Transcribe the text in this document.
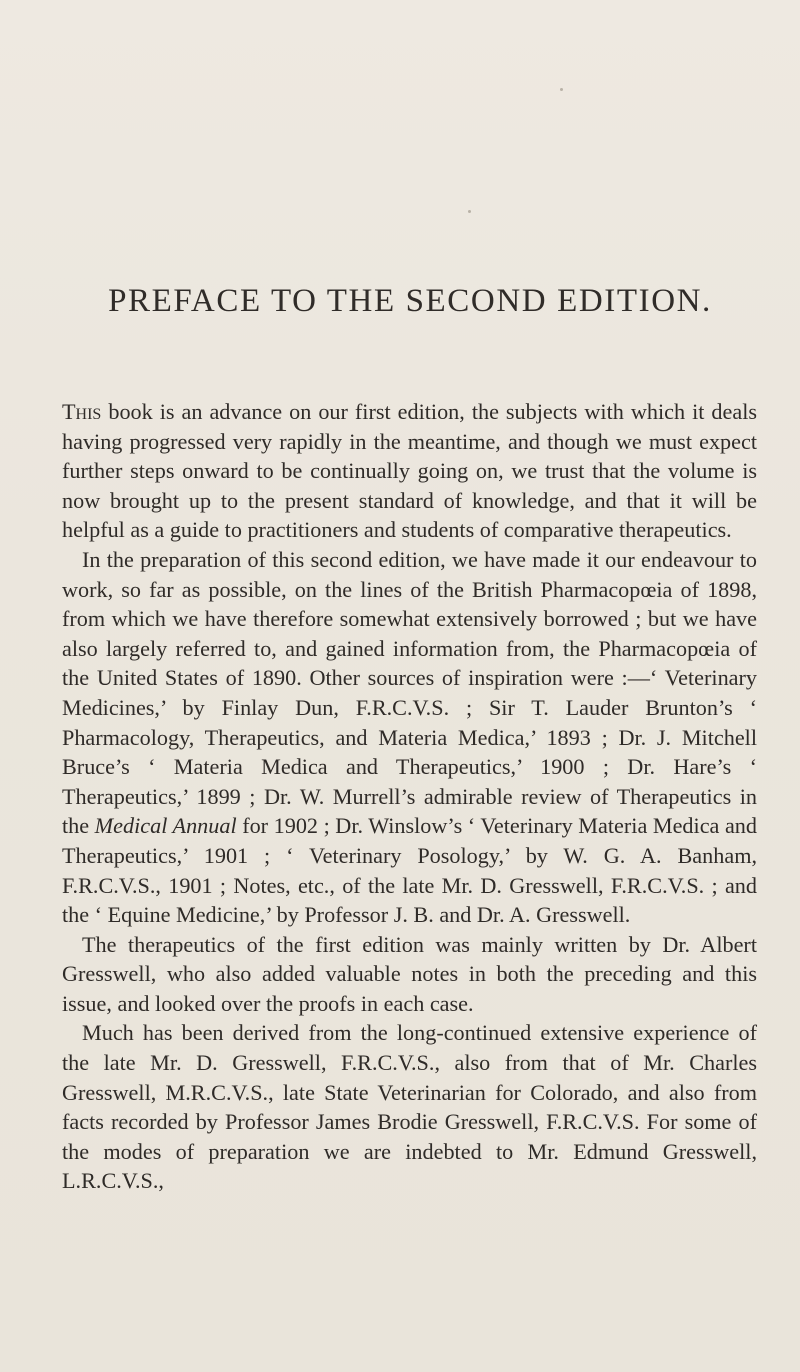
PREFACE TO THE SECOND EDITION.

This book is an advance on our first edition, the subjects with which it deals having progressed very rapidly in the meantime, and though we must expect further steps onward to be continually going on, we trust that the volume is now brought up to the present standard of knowledge, and that it will be helpful as a guide to practitioners and students of comparative therapeutics.

In the preparation of this second edition, we have made it our endeavour to work, so far as possible, on the lines of the British Pharmacopœia of 1898, from which we have therefore somewhat extensively borrowed ; but we have also largely referred to, and gained information from, the Pharmacopœia of the United States of 1890. Other sources of inspiration were :—‘ Veterinary Medicines,’ by Finlay Dun, F.R.C.V.S. ; Sir T. Lauder Brunton’s ‘ Pharmacology, Therapeutics, and Materia Medica,’ 1893 ; Dr. J. Mitchell Bruce’s ‘ Materia Medica and Therapeutics,’ 1900 ; Dr. Hare’s ‘ Therapeutics,’ 1899 ; Dr. W. Murrell’s admirable review of Therapeutics in the Medical Annual for 1902 ; Dr. Winslow’s ‘ Veterinary Materia Medica and Therapeutics,’ 1901 ; ‘ Veterinary Posology,’ by W. G. A. Banham, F.R.C.V.S., 1901 ; Notes, etc., of the late Mr. D. Gresswell, F.R.C.V.S. ; and the ‘ Equine Medicine,’ by Professor J. B. and Dr. A. Gresswell.

The therapeutics of the first edition was mainly written by Dr. Albert Gresswell, who also added valuable notes in both the preceding and this issue, and looked over the proofs in each case.

Much has been derived from the long-continued extensive experience of the late Mr. D. Gresswell, F.R.C.V.S., also from that of Mr. Charles Gresswell, M.R.C.V.S., late State Veterinarian for Colorado, and also from facts recorded by Professor James Brodie Gresswell, F.R.C.V.S. For some of the modes of preparation we are indebted to Mr. Edmund Gresswell, L.R.C.V.S.,
